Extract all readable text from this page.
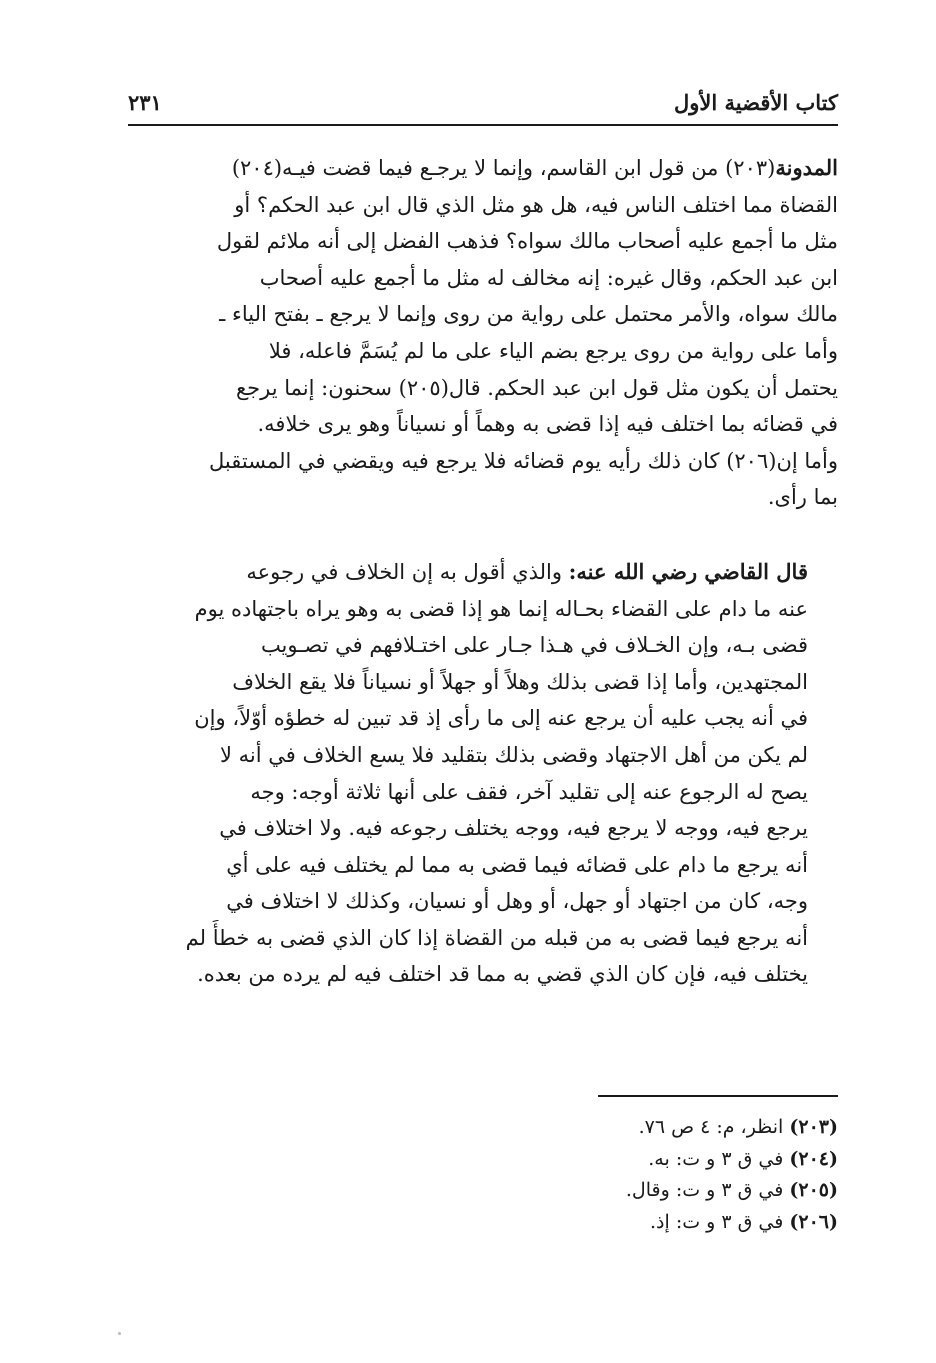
كتاب الأقضية الأول
٢٣١

المدونة(٢٠٣) من قول ابن القاسم، وإنما لا يرجـع فيما قضت فيـه(٢٠٤)
القضاة مما اختلف الناس فيه، هل هو مثل الذي قال ابن عبد الحكم؟ أو
مثل ما أجمع عليه أصحاب مالك سواه؟ فذهب الفضل إلى أنه ملائم لقول
ابن عبد الحكم، وقال غيره: إنه مخالف له مثل ما أجمع عليه أصحاب
مالك سواه، والأمر محتمل على رواية من روى وإنما لا يرجع ـ بفتح الياء ـ
وأما على رواية من روى يرجع بضم الياء على ما لم يُسَمَّ فاعله، فلا
يحتمل أن يكون مثل قول ابن عبد الحكم. قال(٢٠٥) سحنون: إنما يرجع
في قضائه بما اختلف فيه إذا قضى به وهماً أو نسياناً وهو يرى خلافه.
وأما إن(٢٠٦) كان ذلك رأيه يوم قضائه فلا يرجع فيه ويقضي في المستقبل
بما رأى.

قال القاضي رضي الله عنه: والذي أقول به إن الخلاف في رجوعه
عنه ما دام على القضاء بحـاله إنما هو إذا قضى به وهو يراه باجتهاده يوم
قضى بـه، وإن الخـلاف في هـذا جـار على اختـلافهم في تصـويب
المجتهدين، وأما إذا قضى بذلك وهلاً أو جهلاً أو نسياناً فلا يقع الخلاف
في أنه يجب عليه أن يرجع عنه إلى ما رأى إذ قد تبين له خطؤه أوّلاً، وإن
لم يكن من أهل الاجتهاد وقضى بذلك بتقليد فلا يسع الخلاف في أنه لا
يصح له الرجوع عنه إلى تقليد آخر، فقف على أنها ثلاثة أوجه: وجه
يرجع فيه، ووجه لا يرجع فيه، ووجه يختلف رجوعه فيه. ولا اختلاف في
أنه يرجع ما دام على قضائه فيما قضى به مما لم يختلف فيه على أي
وجه، كان من اجتهاد أو جهل، أو وهل أو نسيان، وكذلك لا اختلاف في
أنه يرجع فيما قضى به من قبله من القضاة إذا كان الذي قضى به خطأً لم
يختلف فيه، فإن كان الذي قضي به مما قد اختلف فيه لم يرده من بعده.

(٢٠٣) انظر، م: ٤ ص ٧٦.
(٢٠٤) في ق ٣ و ت: به.
(٢٠٥) في ق ٣ و ت: وقال.
(٢٠٦) في ق ٣ و ت: إذ.
